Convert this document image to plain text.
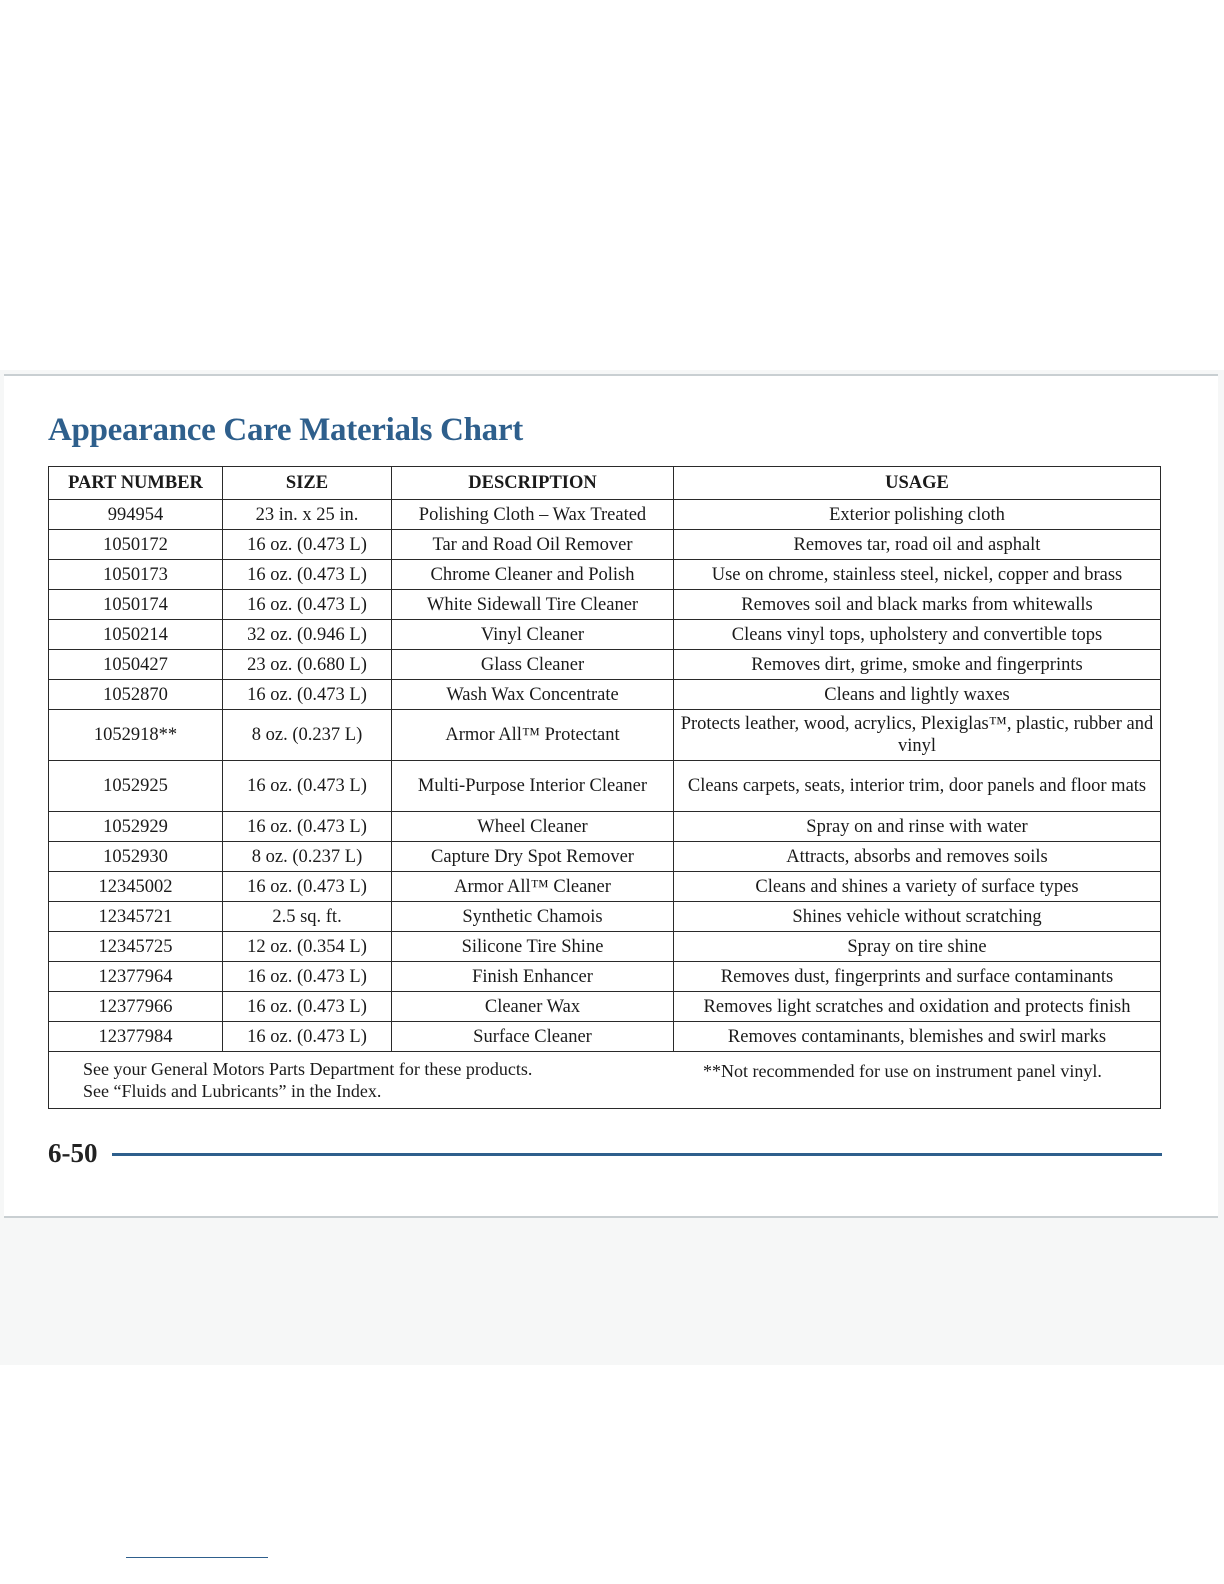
Appearance Care Materials Chart
PART NUMBER	SIZE	DESCRIPTION	USAGE
994954	23 in. x 25 in.	Polishing Cloth – Wax Treated	Exterior polishing cloth
1050172	16 oz. (0.473 L)	Tar and Road Oil Remover	Removes tar, road oil and asphalt
1050173	16 oz. (0.473 L)	Chrome Cleaner and Polish	Use on chrome, stainless steel, nickel, copper and brass
1050174	16 oz. (0.473 L)	White Sidewall Tire Cleaner	Removes soil and black marks from whitewalls
1050214	32 oz. (0.946 L)	Vinyl Cleaner	Cleans vinyl tops, upholstery and convertible tops
1050427	23 oz. (0.680 L)	Glass Cleaner	Removes dirt, grime, smoke and fingerprints
1052870	16 oz. (0.473 L)	Wash Wax Concentrate	Cleans and lightly waxes
1052918**	8 oz. (0.237 L)	Armor All™ Protectant	Protects leather, wood, acrylics, Plexiglas™, plastic, rubber and vinyl
1052925	16 oz. (0.473 L)	Multi-Purpose Interior Cleaner	Cleans carpets, seats, interior trim, door panels and floor mats
1052929	16 oz. (0.473 L)	Wheel Cleaner	Spray on and rinse with water
1052930	8 oz. (0.237 L)	Capture Dry Spot Remover	Attracts, absorbs and removes soils
12345002	16 oz. (0.473 L)	Armor All™ Cleaner	Cleans and shines a variety of surface types
12345721	2.5 sq. ft.	Synthetic Chamois	Shines vehicle without scratching
12345725	12 oz. (0.354 L)	Silicone Tire Shine	Spray on tire shine
12377964	16 oz. (0.473 L)	Finish Enhancer	Removes dust, fingerprints and surface contaminants
12377966	16 oz. (0.473 L)	Cleaner Wax	Removes light scratches and oxidation and protects finish
12377984	16 oz. (0.473 L)	Surface Cleaner	Removes contaminants, blemishes and swirl marks

See your General Motors Parts Department for these products.
See “Fluids and Lubricants” in the Index.
**Not recommended for use on instrument panel vinyl.			
6-50
